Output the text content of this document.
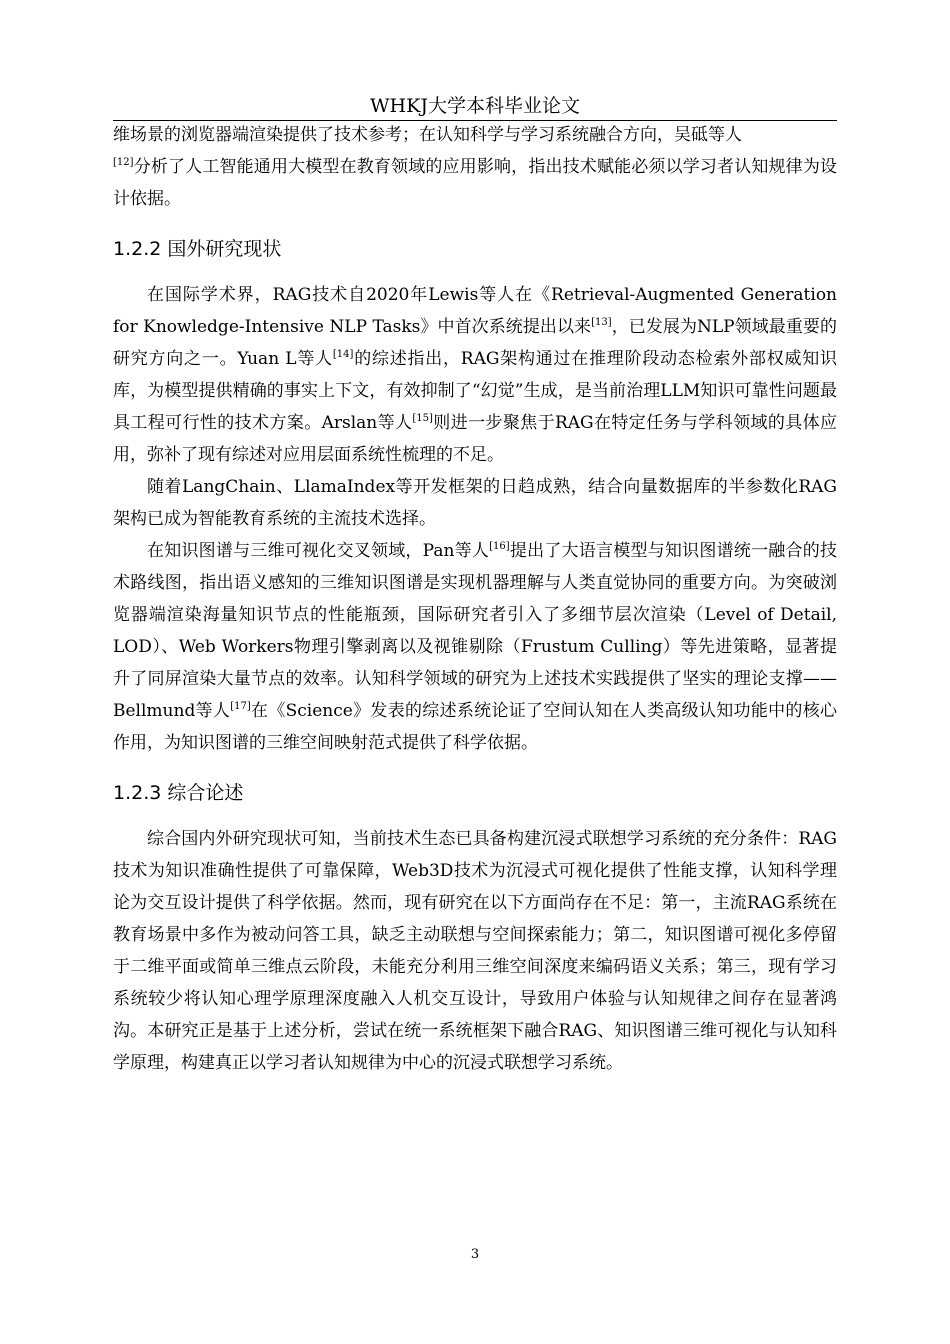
WHKJ大学本科毕业论文

维场景的浏览器端渲染提供了技术参考；在认知科学与学习系统融合方向，吴砥等人
[12]分析了人工智能通用大模型在教育领域的应用影响，指出技术赋能必须以学习者认知规律为设计依据。

1.2.2 国外研究现状

在国际学术界，RAG技术自2020年Lewis等人在《Retrieval-Augmented Generation for Knowledge-Intensive NLP Tasks》中首次系统提出以来[13]，已发展为NLP领域最重要的研究方向之一。Yuan L等人[14]的综述指出，RAG架构通过在推理阶段动态检索外部权威知识库，为模型提供精确的事实上下文，有效抑制了“幻觉”生成，是当前治理LLM知识可靠性问题最具工程可行性的技术方案。Arslan等人[15]则进一步聚焦于RAG在特定任务与学科领域的具体应用，弥补了现有综述对应用层面系统性梳理的不足。

随着LangChain、LlamaIndex等开发框架的日趋成熟，结合向量数据库的半参数化RAG架构已成为智能教育系统的主流技术选择。

在知识图谱与三维可视化交叉领域，Pan等人[16]提出了大语言模型与知识图谱统一融合的技术路线图，指出语义感知的三维知识图谱是实现机器理解与人类直觉协同的重要方向。为突破浏览器端渲染海量知识节点的性能瓶颈，国际研究者引入了多细节层次渲染（Level of Detail, LOD）、Web Workers物理引擎剥离以及视锥剔除（Frustum Culling）等先进策略，显著提升了同屏渲染大量节点的效率。认知科学领域的研究为上述技术实践提供了坚实的理论支撑——Bellmund等人[17]在《Science》发表的综述系统论证了空间认知在人类高级认知功能中的核心作用，为知识图谱的三维空间映射范式提供了科学依据。

1.2.3 综合论述

综合国内外研究现状可知，当前技术生态已具备构建沉浸式联想学习系统的充分条件：RAG技术为知识准确性提供了可靠保障，Web3D技术为沉浸式可视化提供了性能支撑，认知科学理论为交互设计提供了科学依据。然而，现有研究在以下方面尚存在不足：第一，主流RAG系统在教育场景中多作为被动问答工具，缺乏主动联想与空间探索能力；第二，知识图谱可视化多停留于二维平面或简单三维点云阶段，未能充分利用三维空间深度来编码语义关系；第三，现有学习系统较少将认知心理学原理深度融入人机交互设计，导致用户体验与认知规律之间存在显著鸿沟。本研究正是基于上述分析，尝试在统一系统框架下融合RAG、知识图谱三维可视化与认知科学原理，构建真正以学习者认知规律为中心的沉浸式联想学习系统。

3
